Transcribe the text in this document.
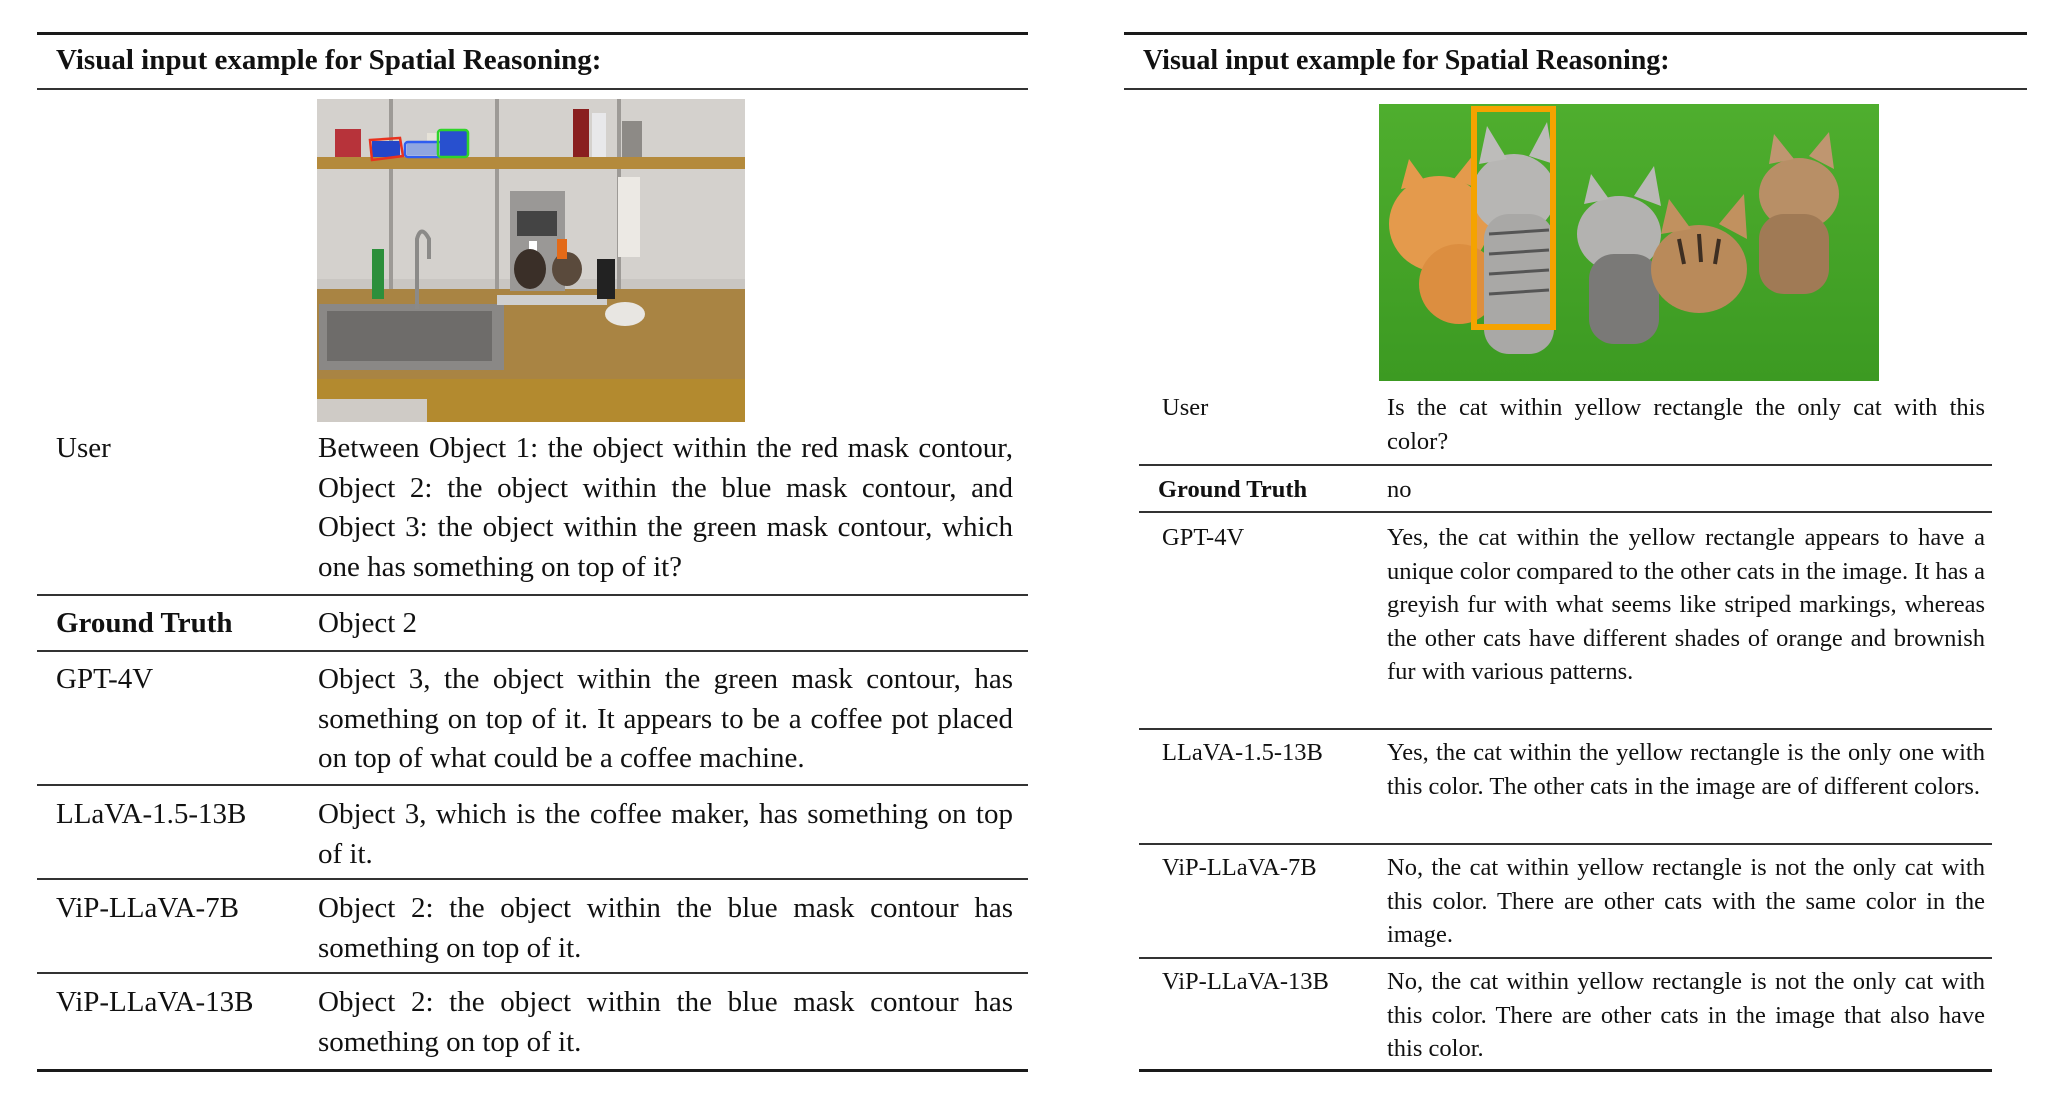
Visual input example for Spatial Reasoning:
User	Between Object 1: the object within the red mask contour, Object 2: the object within the blue mask contour, and Object 3: the object within the green mask contour, which one has something on top of it?
Ground Truth	Object 2
GPT-4V	Object 3, the object within the green mask contour, has something on top of it. It appears to be a coffee pot placed on top of what could be a coffee machine.
LLaVA-1.5-13B Object 3, which is the coffee maker, has something on top of it.
ViP-LLaVA-7B	Object 2: the object within the blue mask contour has something on top of it.
ViP-LLaVA-13B Object 2: the object within the blue mask contour has something on top of it.
Visual input example for Spatial Reasoning:
User	Is the cat within yellow rectangle the only cat with this color?
Ground Truth	no
GPT-4V	Yes, the cat within the yellow rectangle appears to have a unique color compared to the other cats in the image. It has a greyish fur with what seems like striped markings, whereas the other cats have different shades of orange and brownish fur with various patterns.
LLaVA-1.5-13B	Yes, the cat within the yellow rectangle is the only one with this color. The other cats in the image are of different colors.
ViP-LLaVA-7B	No, the cat within yellow rectangle is not the only cat with this color. There are other cats with the same color in the image.
ViP-LLaVA-13B No, the cat within yellow rectangle is not the only cat with this color. There are other cats in the image that also have this color.
